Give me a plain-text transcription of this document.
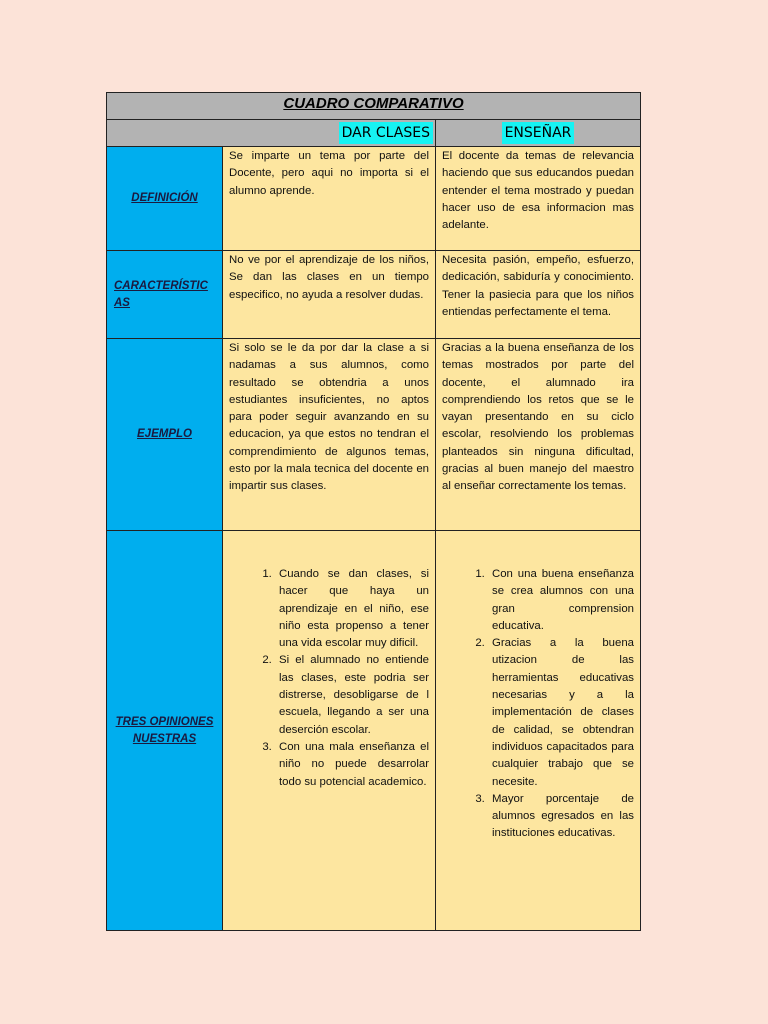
CUADRO COMPARATIVO
DAR CLASES	ENSEÑAR
DEFINICIÓN
Se imparte un tema por parte del Docente, pero aqui no importa si el alumno aprende.
El docente da temas de relevancia haciendo que sus educandos puedan entender el tema mostrado y puedan hacer uso de esa informacion mas adelante.
CARACTERÍSTICAS
No ve por el aprendizaje de los niños, Se dan las clases en un tiempo especifico, no ayuda a resolver dudas.
Necesita pasión, empeño, esfuerzo, dedicación, sabiduría y conocimiento. Tener la pasiecia para que los niños entiendas perfectamente el tema.
EJEMPLO
Si solo se le da por dar la clase a si nadamas a sus alumnos, como resultado se obtendria a unos estudiantes insuficientes, no aptos para poder seguir avanzando en su educacion, ya que estos no tendran el comprendimiento de algunos temas, esto por la mala tecnica del docente en impartir sus clases.
Gracias a la buena enseñanza de los temas mostrados por parte del docente, el alumnado ira comprendiendo los retos que se le vayan presentando en su ciclo escolar, resolviendo los problemas planteados sin ninguna dificultad, gracias al buen manejo del maestro al enseñar correctamente los temas.
TRES OPINIONES NUESTRAS
1. Cuando se dan clases, si hacer que haya un aprendizaje en el niño, ese niño esta propenso a tener una vida escolar muy dificil.
2. Si el alumnado no entiende las clases, este podria ser distrerse, desobligarse de l escuela, llegando a ser una deserción escolar.
3. Con una mala enseñanza el niño no puede desarrolar todo su potencial academico.
1. Con una buena enseñanza se crea alumnos con una gran comprension educativa.
2. Gracias a la buena utizacion de las herramientas educativas necesarias y a la implementación de clases de calidad, se obtendran individuos capacitados para cualquier trabajo que se necesite.
3. Mayor porcentaje de alumnos egresados en las instituciones educativas.
